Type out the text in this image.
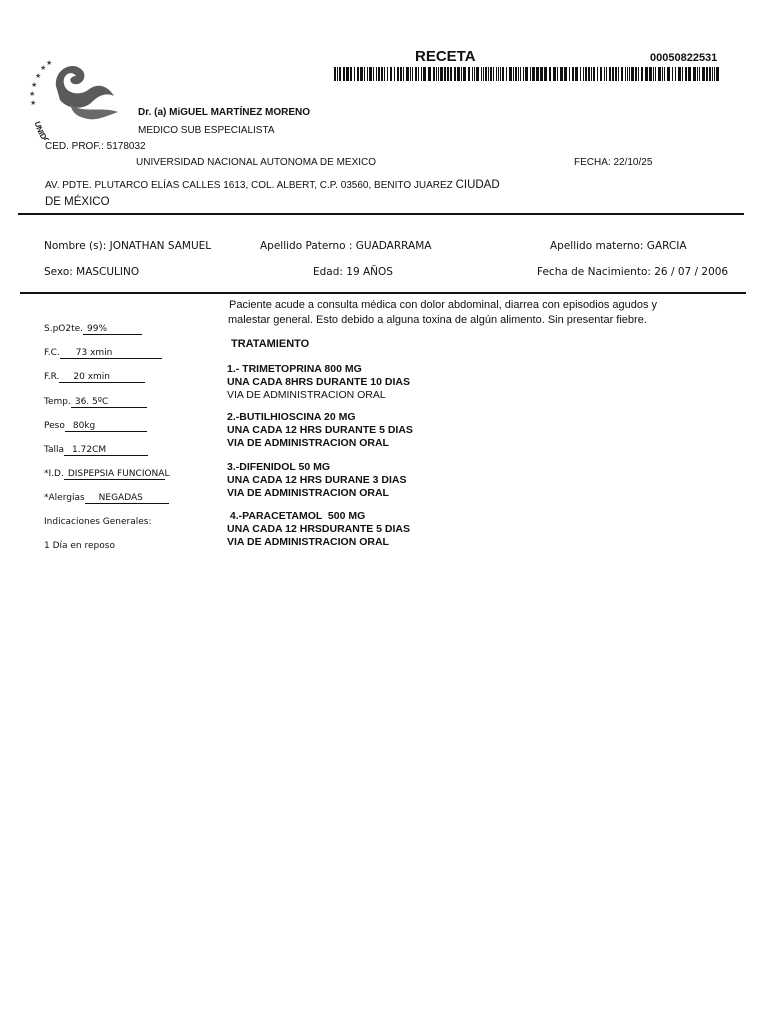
★
★
★
★
★
★
UNID
RECETA	00050822531
Dr. (a) MiGUEL MARTÍNEZ MORENO
MEDICO SUB ESPECIALISTA
CED. PROF.: 5178032
UNIVERSIDAD NACIONAL AUTONOMA DE MEXICO	FECHA: 22/10/25
AV. PDTE. PLUTARCO ELÍAS CALLES 1613, COL. ALBERT, C.P. 03560, BENITO JUAREZ CIUDAD
DE MÉXICO
Nombre (s): JONATHAN SAMUEL	Apellido Paterno : GUADARRAMA	Apellido materno: GARCIA
Sexo: MASCULINO	Edad: 19 AÑOS	Fecha de Nacimiento: 26 / 07 / 2006
S.pO2te. 99%
F.C. 73 xmin
F.R. 20 xmin
Temp. 36. 5ºC
Peso 80kg
Talla 1.72CM
*I.D. DISPEPSIA FUNCIONAL
*Alergias NEGADAS
Indicaciones Generales:
1 Día en reposo
Paciente acude a consulta médica con dolor abdominal, diarrea con episodios agudos y
malestar general. Esto debido a alguna toxina de algún alimento. Sin presentar fiebre.
TRATAMIENTO
1.- TRIMETOPRINA 800 MG
UNA CADA 8HRS DURANTE 10 DIAS
VIA DE ADMINISTRACION ORAL
2.-BUTILHIOSCINA 20 MG
UNA CADA 12 HRS DURANTE 5 DIAS
VIA DE ADMINISTRACION ORAL
3.-DIFENIDOL 50 MG
UNA CADA 12 HRS DURANE 3 DIAS
VIA DE ADMINISTRACION ORAL
4.-PARACETAMOL  500 MG
UNA CADA 12 HRSDURANTE 5 DIAS
VIA DE ADMINISTRACION ORAL
